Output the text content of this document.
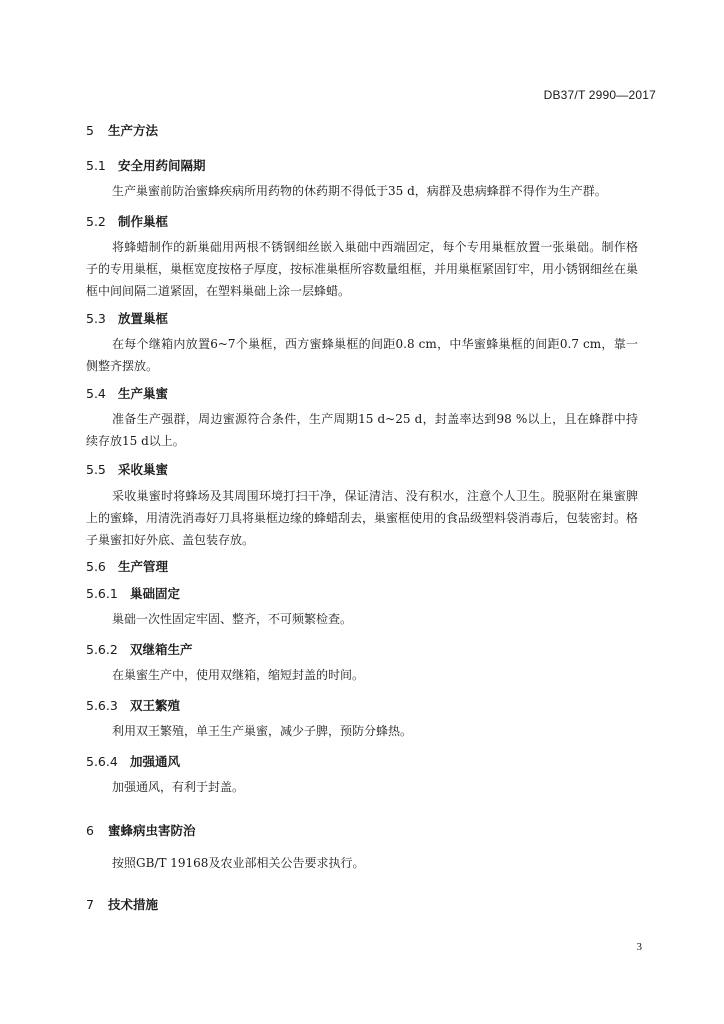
DB37/T 2990—2017
5 生产方法
5.1 安全用药间隔期
生产巢蜜前防治蜜蜂疾病所用药物的休药期不得低于35 d，病群及患病蜂群不得作为生产群。
5.2 制作巢框
将蜂蜡制作的新巢础用两根不锈钢细丝嵌入巢础中西端固定，每个专用巢框放置一张巢础。制作格子的专用巢框，巢框宽度按格子厚度，按标准巢框所容数量组框，并用巢框紧固钉牢，用小锈钢细丝在巢框中间间隔二道紧固，在塑料巢础上涂一层蜂蜡。
5.3 放置巢框
在每个继箱内放置6~7个巢框，西方蜜蜂巢框的间距0.8 cm，中华蜜蜂巢框的间距0.7 cm，靠一侧整齐摆放。
5.4 生产巢蜜
准备生产强群，周边蜜源符合条件，生产周期15 d~25 d，封盖率达到98 %以上，且在蜂群中持续存放15 d以上。
5.5 采收巢蜜
采收巢蜜时将蜂场及其周围环境打扫干净，保证清洁、没有积水，注意个人卫生。脱驱附在巢蜜脾上的蜜蜂，用清洗消毒好刀具将巢框边缘的蜂蜡刮去，巢蜜框使用的食品级塑料袋消毒后，包装密封。格子巢蜜扣好外底、盖包装存放。
5.6 生产管理
5.6.1 巢础固定
巢础一次性固定牢固、整齐，不可频繁检查。
5.6.2 双继箱生产
在巢蜜生产中，使用双继箱，缩短封盖的时间。
5.6.3 双王繁殖
利用双王繁殖，单王生产巢蜜，减少子脾，预防分蜂热。
5.6.4 加强通风
加强通风，有利于封盖。
6 蜜蜂病虫害防治
按照GB/T 19168及农业部相关公告要求执行。
7 技术措施
3
